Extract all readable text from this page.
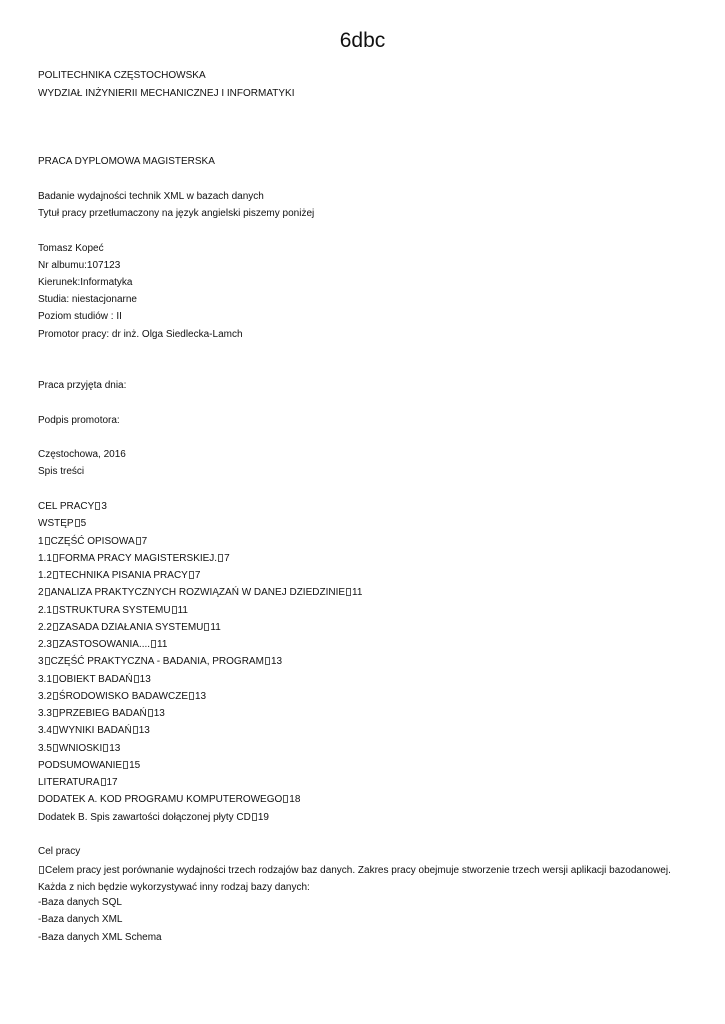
6dbc

POLITECHNIKA CZĘSTOCHOWSKA

WYDZIAŁ INŻYNIERII MECHANICZNEJ I INFORMATYKI

PRACA DYPLOMOWA MAGISTERSKA

Badanie wydajności technik XML w bazach danych

Tytuł pracy przetłumaczony na język angielski piszemy poniżej

Tomasz Kopeć

Nr albumu:107123

Kierunek:Informatyka

Studia: niestacjonarne

Poziom studiów : II

Promotor pracy: dr inż. Olga Siedlecka-Lamch

Praca przyjęta dnia:

Podpis promotora:

Częstochowa, 2016

Spis treści

CEL PRACY 3

WSTĘP 5

1 CZĘŚĆ OPISOWA 7

1.1 FORMA PRACY MAGISTERSKIEJ. 7

1.2 TECHNIKA PISANIA PRACY 7

2 ANALIZA PRAKTYCZNYCH ROZWIĄZAŃ W DANEJ DZIEDZINIE 11

2.1 STRUKTURA SYSTEMU 11

2.2 ZASADA DZIAŁANIA SYSTEMU 11

2.3 ZASTOSOWANIA.... 11

3 CZĘŚĆ PRAKTYCZNA - BADANIA, PROGRAM 13

3.1 OBIEKT BADAŃ 13

3.2 ŚRODOWISKO BADAWCZE 13

3.3 PRZEBIEG BADAŃ 13

3.4 WYNIKI BADAŃ 13

3.5 WNIOSKI 13

PODSUMOWANIE 15

LITERATURA 17

DODATEK A. KOD PROGRAMU KOMPUTEROWEGO 18

Dodatek B. Spis zawartości dołączonej płyty CD 19

Cel pracy

Celem pracy jest porównanie wydajności trzech rodzajów baz danych. Zakres pracy obejmuje stworzenie trzech wersji aplikacji bazodanowej. Każda z nich będzie wykorzystywać inny rodzaj bazy danych:

-Baza danych SQL

-Baza danych XML

-Baza danych XML Schema
